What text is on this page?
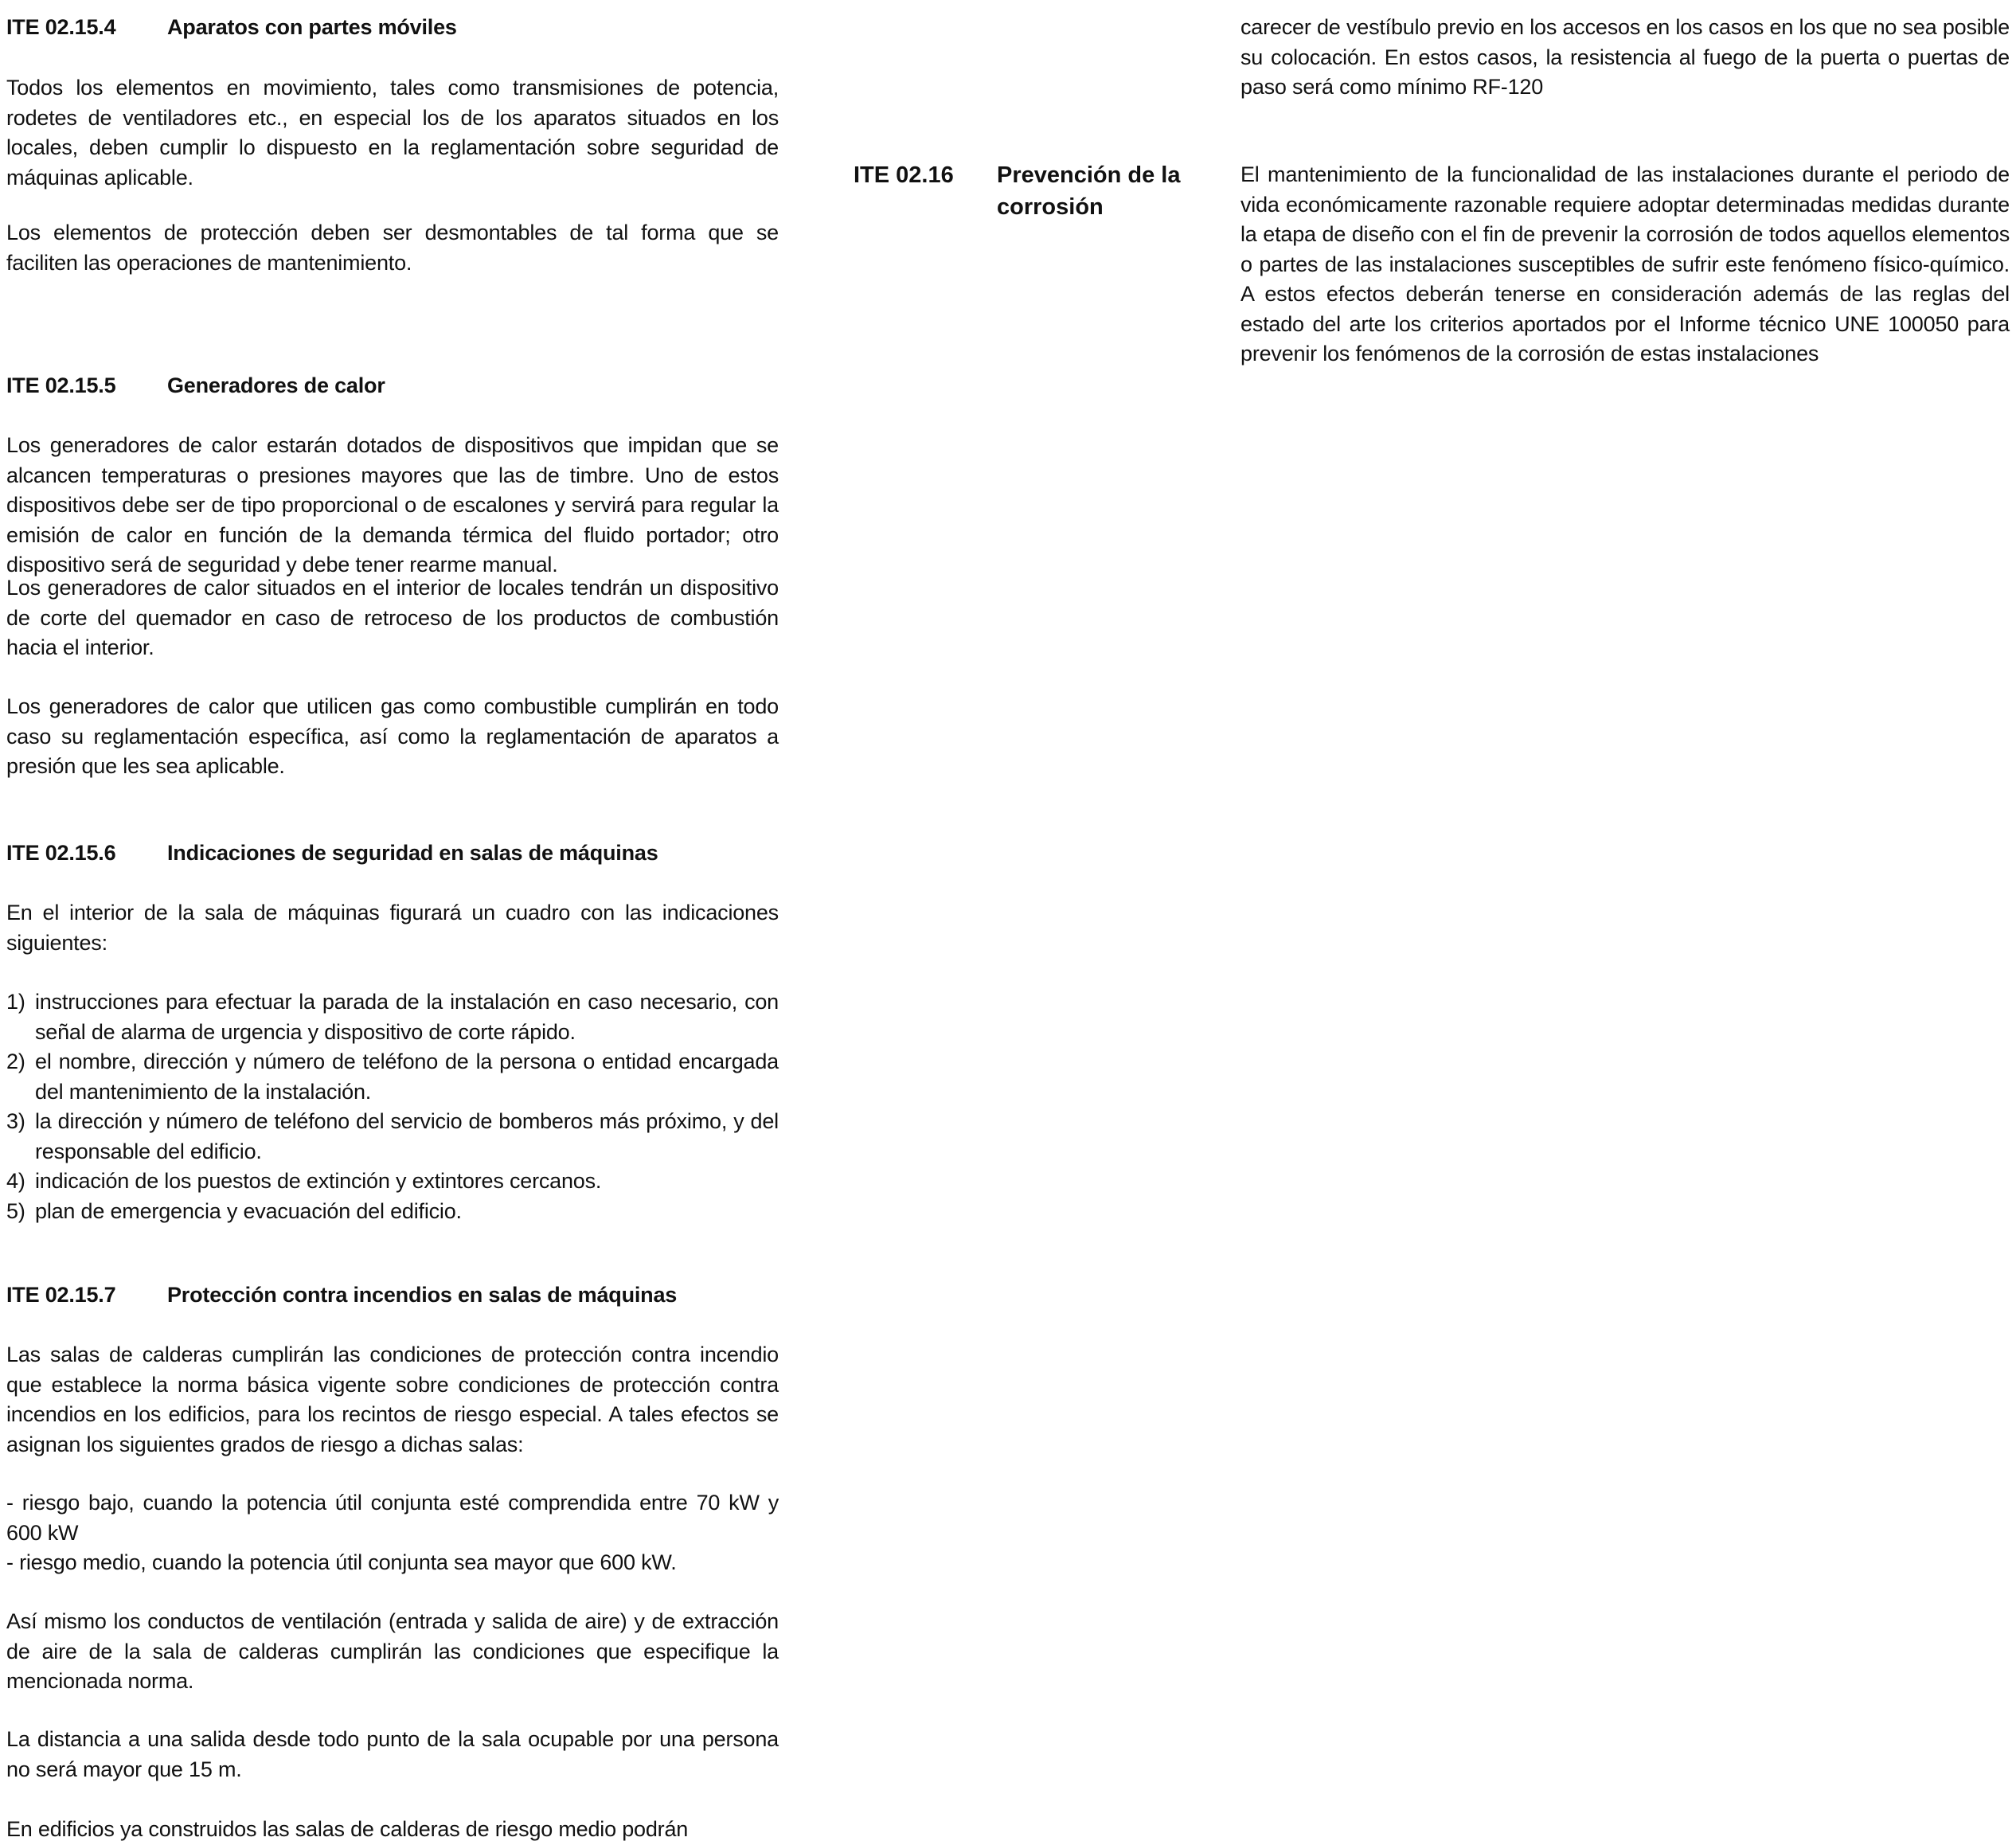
ITE 02.15.4 Aparatos con partes móviles

Todos los elementos en movimiento, tales como transmisiones de potencia, rodetes de ventiladores etc., en especial los de los aparatos situados en los locales, deben cumplir lo dispuesto en la reglamentación sobre seguridad de máquinas aplicable.

Los elementos de protección deben ser desmontables de tal forma que se faciliten las operaciones de mantenimiento.

ITE 02.15.5 Generadores de calor

Los generadores de calor estarán dotados de dispositivos que impidan que se alcancen temperaturas o presiones mayores que las de timbre. Uno de estos dispositivos debe ser de tipo proporcional o de escalones y servirá para regular la emisión de calor en función de la demanda térmica del fluido portador; otro dispositivo será de seguridad y debe tener rearme manual.

Los generadores de calor situados en el interior de locales tendrán un dispositivo de corte del quemador en caso de retroceso de los productos de combustión hacia el interior.

Los generadores de calor que utilicen gas como combustible cumplirán en todo caso su reglamentación específica, así como la reglamentación de aparatos a presión que les sea aplicable.

ITE 02.15.6 Indicaciones de seguridad en salas de máquinas

En el interior de la sala de máquinas figurará un cuadro con las indicaciones siguientes:

1) instrucciones para efectuar la parada de la instalación en caso necesario, con señal de alarma de urgencia y dispositivo de corte rápido.
2) el nombre, dirección y número de teléfono de la persona o entidad encargada del mantenimiento de la instalación.
3) la dirección y número de teléfono del servicio de bomberos más próximo, y del responsable del edificio.
4) indicación de los puestos de extinción y extintores cercanos.
5) plan de emergencia y evacuación del edificio.
ITE 02.15.7 Protección contra incendios en salas de máquinas

Las salas de calderas cumplirán las condiciones de protección contra incendio que establece la norma básica vigente sobre condiciones de protección contra incendios en los edificios, para los recintos de riesgo especial. A tales efectos se asignan los siguientes grados de riesgo a dichas salas:

- riesgo bajo, cuando la potencia útil conjunta esté comprendida entre 70 kW y 600 kW

- riesgo medio, cuando la potencia útil conjunta sea mayor que 600 kW.

Así mismo los conductos de ventilación (entrada y salida de aire) y de extracción de aire de la sala de calderas cumplirán las condiciones que especifique la mencionada norma.

La distancia a una salida desde todo punto de la sala ocupable por una persona no será mayor que 15 m.

En edificios ya construidos las salas de calderas de riesgo medio podrán

ITE 02.16 Prevención de la corrosión

carecer de vestíbulo previo en los accesos en los casos en los que no sea posible su colocación. En estos casos, la resistencia al fuego de la puerta o puertas de paso será como mínimo RF-120

El mantenimiento de la funcionalidad de las instalaciones durante el periodo de vida económicamente razonable requiere adoptar determinadas medidas durante la etapa de diseño con el fin de prevenir la corrosión de todos aquellos elementos o partes de las instalaciones susceptibles de sufrir este fenómeno físico-químico. A estos efectos deberán tenerse en consideración además de las reglas del estado del arte los criterios aportados por el Informe técnico UNE 100050 para prevenir los fenómenos de la corrosión de estas instalaciones
